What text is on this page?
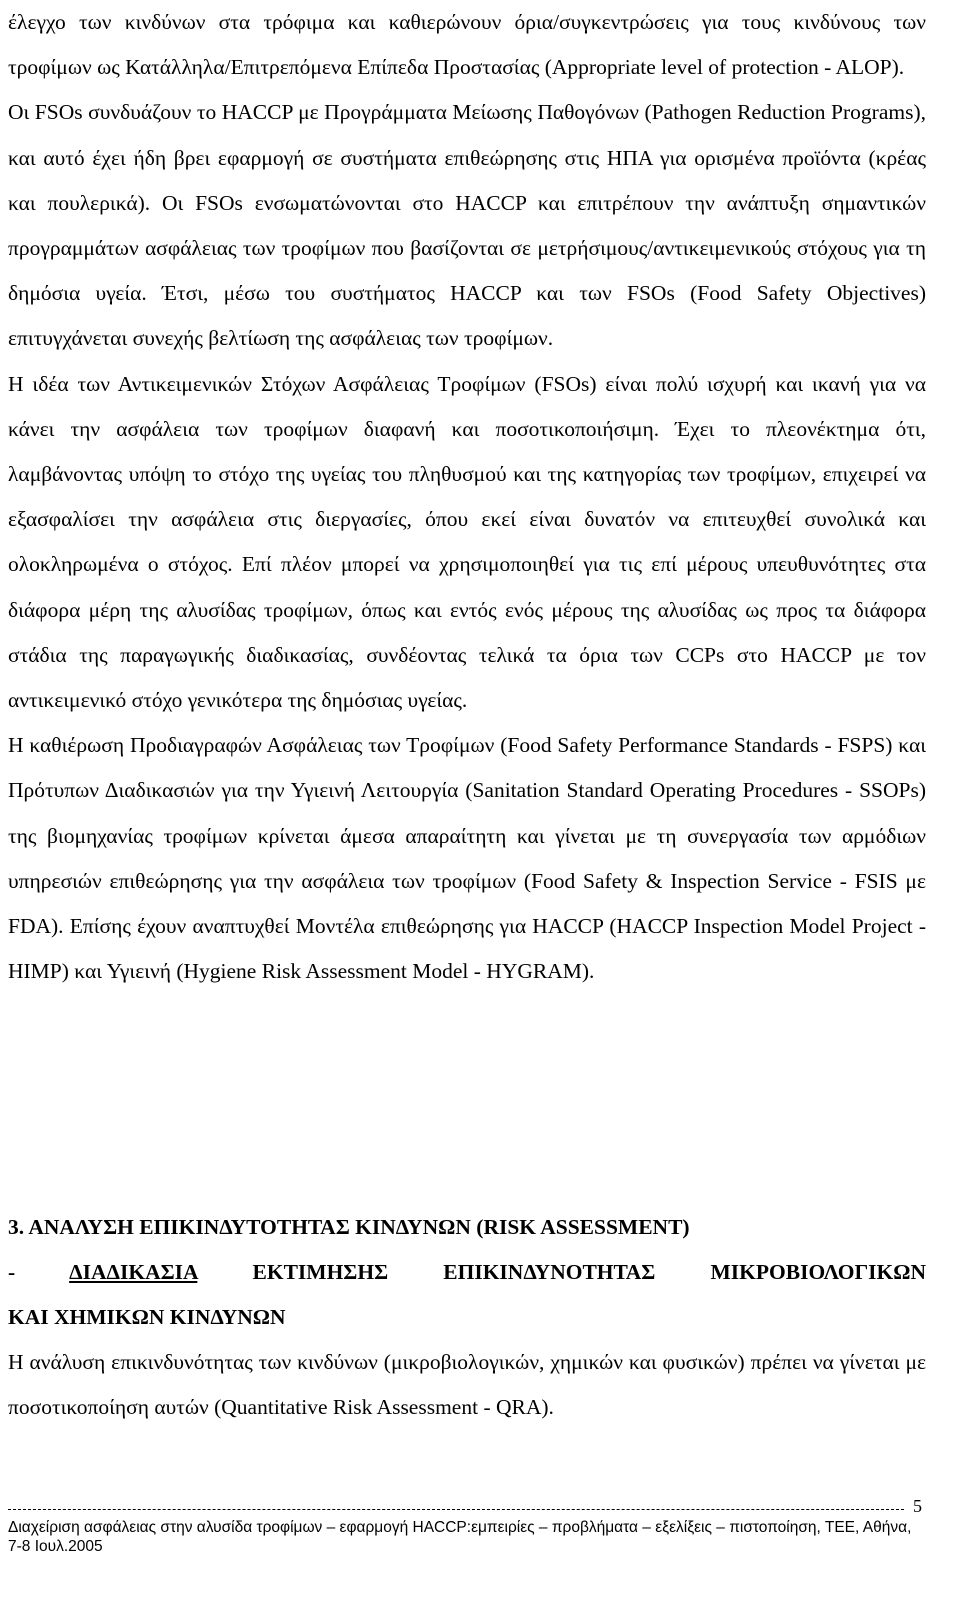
έλεγχο των κινδύνων στα τρόφιμα και καθιερώνουν όρια/συγκεντρώσεις για τους κινδύνους των τροφίμων ως Κατάλληλα/Επιτρεπόμενα Επίπεδα Προστασίας (Appropriate level of protection - ALOP).

Οι FSOs συνδυάζουν το HACCP με Προγράμματα Μείωσης Παθογόνων (Pathogen Reduction Programs), και αυτό έχει ήδη βρει εφαρμογή σε συστήματα επιθεώρησης στις ΗΠΑ για ορισμένα προϊόντα (κρέας και πουλερικά). Οι FSOs ενσωματώνονται στο HACCP και επιτρέπουν την ανάπτυξη σημαντικών προγραμμάτων ασφάλειας των τροφίμων που βασίζονται σε μετρήσιμους/αντικειμενικούς στόχους για τη δημόσια υγεία. Έτσι, μέσω του συστήματος HACCP και των FSOs (Food Safety Objectives) επιτυγχάνεται συνεχής βελτίωση της ασφάλειας των τροφίμων.

Η ιδέα των Αντικειμενικών Στόχων Ασφάλειας Τροφίμων (FSOs) είναι πολύ ισχυρή και ικανή για να κάνει την ασφάλεια των τροφίμων διαφανή και ποσοτικοποιήσιμη. Έχει το πλεονέκτημα ότι, λαμβάνοντας υπόψη το στόχο της υγείας του πληθυσμού και της κατηγορίας των τροφίμων, επιχειρεί να εξασφαλίσει την ασφάλεια στις διεργασίες, όπου εκεί είναι δυνατόν να επιτευχθεί συνολικά και ολοκληρωμένα ο στόχος. Επί πλέον μπορεί να χρησιμοποιηθεί για τις επί μέρους υπευθυνότητες στα διάφορα μέρη της αλυσίδας τροφίμων, όπως και εντός ενός μέρους της αλυσίδας ως προς τα διάφορα στάδια της παραγωγικής διαδικασίας, συνδέοντας τελικά τα όρια των CCPs στο HACCP με τον αντικειμενικό στόχο γενικότερα της δημόσιας υγείας.

Η καθιέρωση Προδιαγραφών Ασφάλειας των Τροφίμων (Food Safety Performance Standards - FSPS) και Πρότυπων Διαδικασιών για την Υγιεινή Λειτουργία (Sanitation Standard Operating Procedures - SSOPs) της βιομηχανίας τροφίμων κρίνεται άμεσα απαραίτητη και γίνεται με τη συνεργασία των αρμόδιων υπηρεσιών επιθεώρησης για την ασφάλεια των τροφίμων (Food Safety & Inspection Service - FSIS με FDA). Επίσης έχουν αναπτυχθεί Μοντέλα επιθεώρησης για HACCP (HACCP Inspection Model Project - HIMP) και Υγιεινή (Hygiene Risk Assessment Model - HYGRAM).

3. ΑΝΑΛΥΣΗ ΕΠΙΚΙΝΔΥΤΟΤΗΤΑΣ ΚΙΝΔΥΝΩΝ (RISK ASSESSMENT)

- ΔΙΑΔΙΚΑΣΙΑ ΕΚΤΙΜΗΣΗΣ ΕΠΙΚΙΝΔΥΝΟΤΗΤΑΣ ΜΙΚΡΟΒΙΟΛΟΓΙΚΩΝ

ΚΑΙ ΧΗΜΙΚΩΝ ΚΙΝΔΥΝΩΝ

Η ανάλυση επικινδυνότητας των κινδύνων (μικροβιολογικών, χημικών και φυσικών) πρέπει να γίνεται με ποσοτικοποίηση αυτών (Quantitative Risk Assessment - QRA).

5
Διαχείριση ασφάλειας στην αλυσίδα τροφίμων – εφαρμογή HACCP:εμπειρίες – προβλήματα – εξελίξεις – πιστοποίηση, ΤΕΕ, Αθήνα, 7-8 Ιουλ.2005
